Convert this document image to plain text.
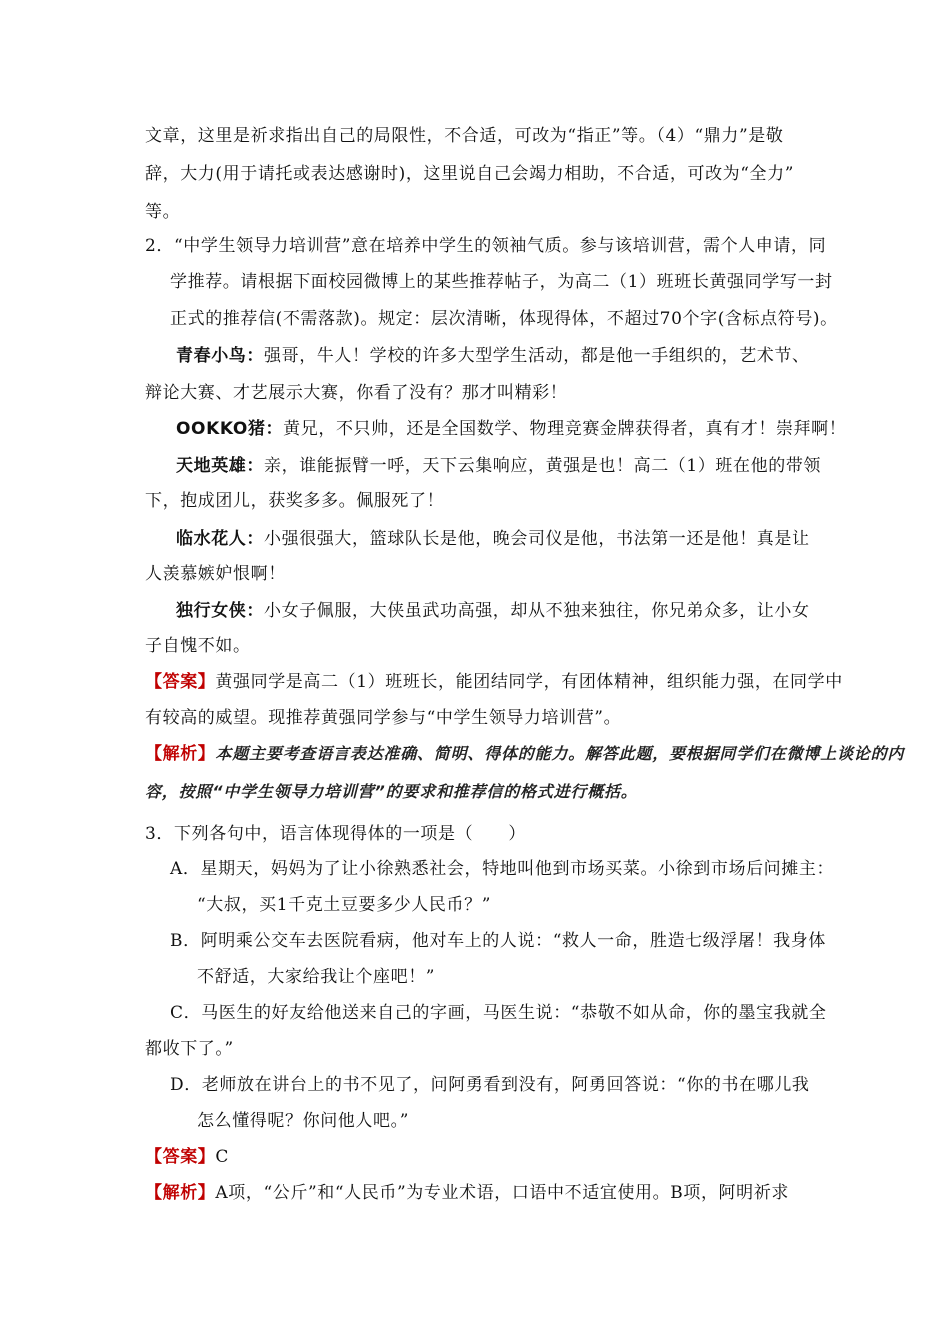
文章，这里是祈求指出自己的局限性，不合适，可改为“指正”等。（4）“鼎力”是敬
辞，大力(用于请托或表达感谢时)，这里说自己会竭力相助，不合适，可改为“全力”
等。
2．“中学生领导力培训营”意在培养中学生的领袖气质。参与该培训营，需个人申请，同
学推荐。请根据下面校园微博上的某些推荐帖子，为高二（1）班班长黄强同学写一封
正式的推荐信(不需落款)。规定：层次清晰，体现得体，不超过70个字(含标点符号)。
青春小鸟：强哥，牛人！学校的许多大型学生活动，都是他一手组织的，艺术节、
辩论大赛、才艺展示大赛，你看了没有？那才叫精彩！
OOKKO猪：黄兄，不只帅，还是全国数学、物理竞赛金牌获得者，真有才！崇拜啊！
天地英雄：亲，谁能振臂一呼，天下云集响应，黄强是也！高二（1）班在他的带领
下，抱成团儿，获奖多多。佩服死了！
临水花人：小强很强大，篮球队长是他，晚会司仪是他，书法第一还是他！真是让
人羡慕嫉妒恨啊！
独行女侠：小女子佩服，大侠虽武功高强，却从不独来独往，你兄弟众多，让小女
子自愧不如。
【答案】黄强同学是高二（1）班班长，能团结同学，有团体精神，组织能力强，在同学中
有较高的威望。现推荐黄强同学参与“中学生领导力培训营”。
【解析】本题主要考查语言表达准确、简明、得体的能力。解答此题，要根据同学们在微博上谈论的内
容，按照“中学生领导力培训营”的要求和推荐信的格式进行概括。
3．下列各句中，语言体现得体的一项是（　　）
A．星期天，妈妈为了让小徐熟悉社会，特地叫他到市场买菜。小徐到市场后问摊主：
“大叔，买1千克土豆要多少人民币？”
B．阿明乘公交车去医院看病，他对车上的人说：“救人一命，胜造七级浮屠！我身体
不舒适，大家给我让个座吧！”
C．马医生的好友给他送来自己的字画，马医生说：“恭敬不如从命，你的墨宝我就全
都收下了。”
D．老师放在讲台上的书不见了，问阿勇看到没有，阿勇回答说：“你的书在哪儿我
怎么懂得呢？你问他人吧。”
【答案】C
【解析】A项，“公斤”和“人民币”为专业术语，口语中不适宜使用。B项，阿明祈求
